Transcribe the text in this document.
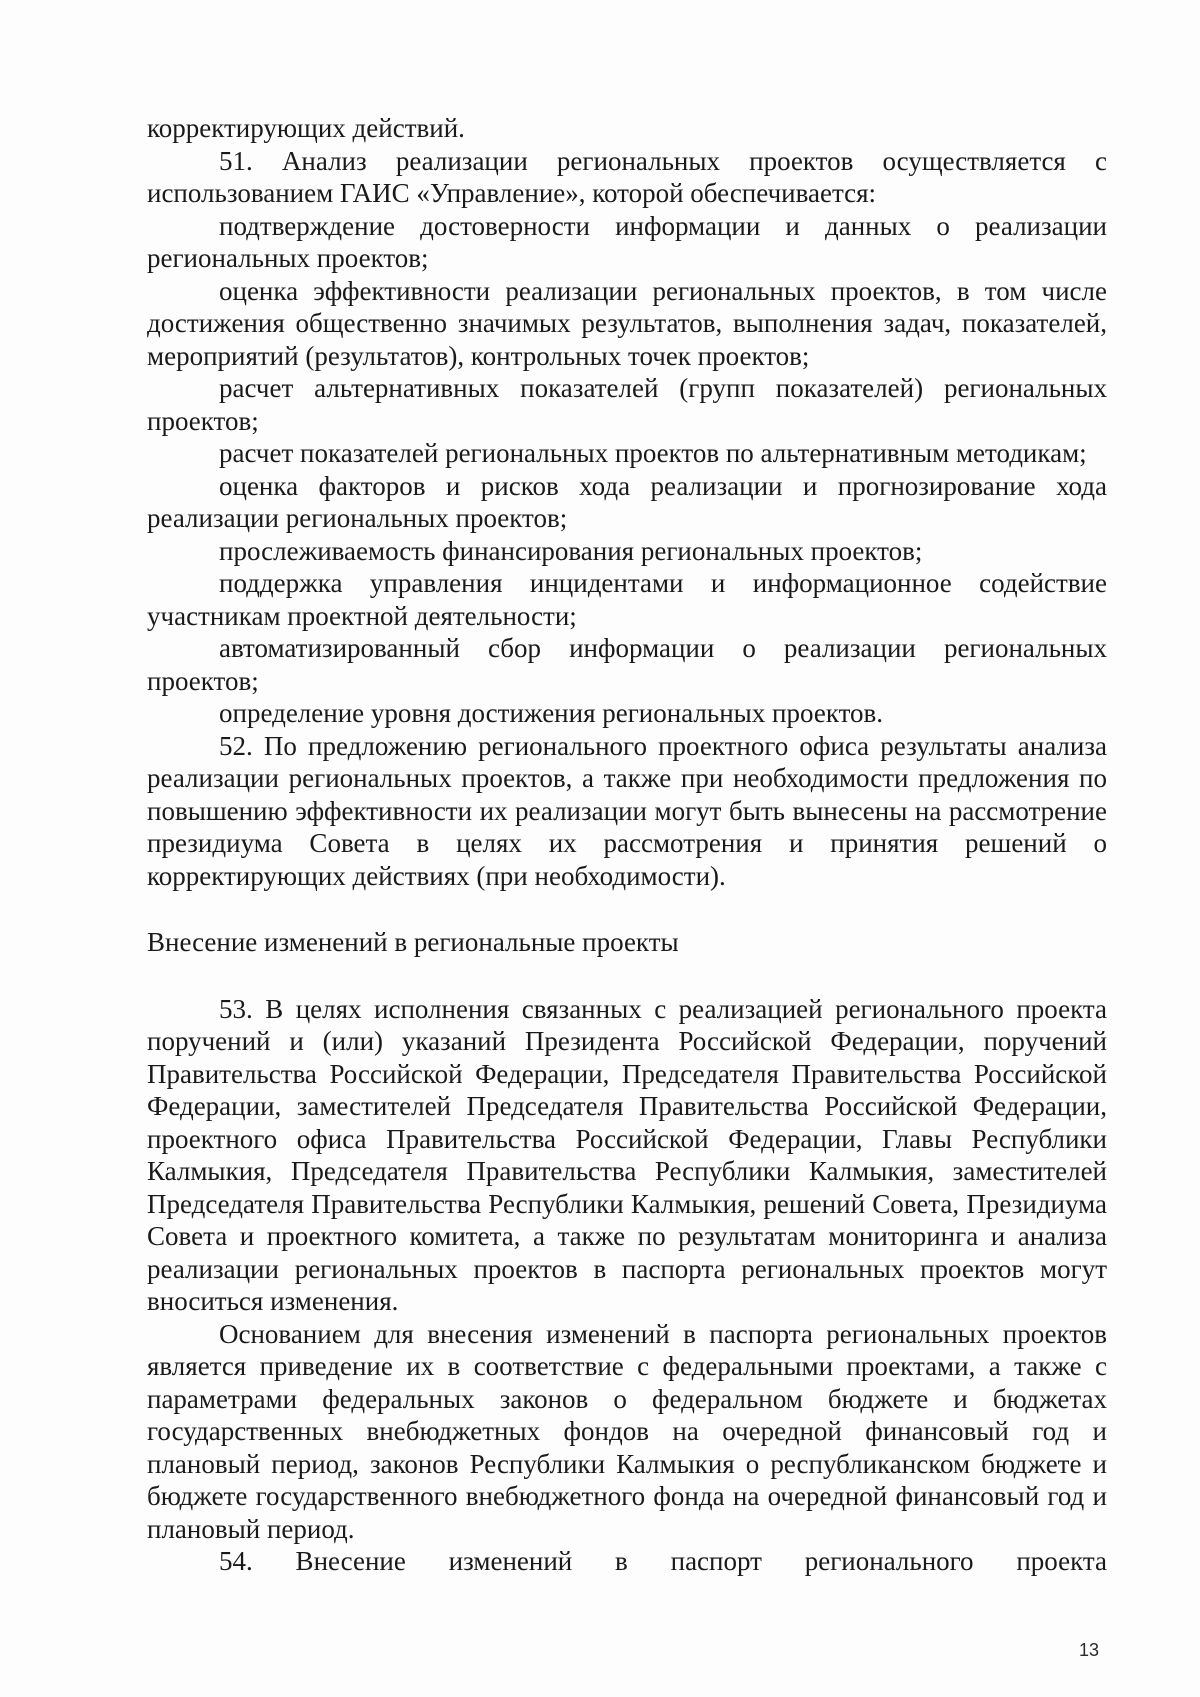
корректирующих действий.

51. Анализ реализации региональных проектов осуществляется с использованием ГАИС «Управление», которой обеспечивается:

подтверждение достоверности информации и данных о реализации региональных проектов;

оценка эффективности реализации региональных проектов, в том числе достижения общественно значимых результатов, выполнения задач, показателей, мероприятий (результатов), контрольных точек проектов;

расчет альтернативных показателей (групп показателей) региональных проектов;

расчет показателей региональных проектов по альтернативным методикам;

оценка факторов и рисков хода реализации и прогнозирование хода реализации региональных проектов;

прослеживаемость финансирования региональных проектов;

поддержка управления инцидентами и информационное содействие участникам проектной деятельности;

автоматизированный сбор информации о реализации региональных проектов;

определение уровня достижения региональных проектов.

52. По предложению регионального проектного офиса результаты анализа реализации региональных проектов, а также при необходимости предложения по повышению эффективности их реализации могут быть вынесены на рассмотрение президиума Совета в целях их рассмотрения и принятия решений о корректирующих действиях (при необходимости).

Внесение изменений в региональные проекты

53. В целях исполнения связанных с реализацией регионального проекта поручений и (или) указаний Президента Российской Федерации, поручений Правительства Российской Федерации, Председателя Правительства Российской Федерации, заместителей Председателя Правительства Российской Федерации, проектного офиса Правительства Российской Федерации, Главы Республики Калмыкия, Председателя Правительства Республики Калмыкия, заместителей Председателя Правительства Республики Калмыкия, решений Совета, Президиума Совета и проектного комитета, а также по результатам мониторинга и анализа реализации региональных проектов в паспорта региональных проектов могут вноситься изменения.

Основанием для внесения изменений в паспорта региональных проектов является приведение их в соответствие с федеральными проектами, а также с параметрами федеральных законов о федеральном бюджете и бюджетах государственных внебюджетных фондов на очередной финансовый год и плановый период, законов Республики Калмыкия о республиканском бюджете и бюджете государственного внебюджетного фонда на очередной финансовый год и плановый период.

54. Внесение изменений в паспорт регионального проекта

13
